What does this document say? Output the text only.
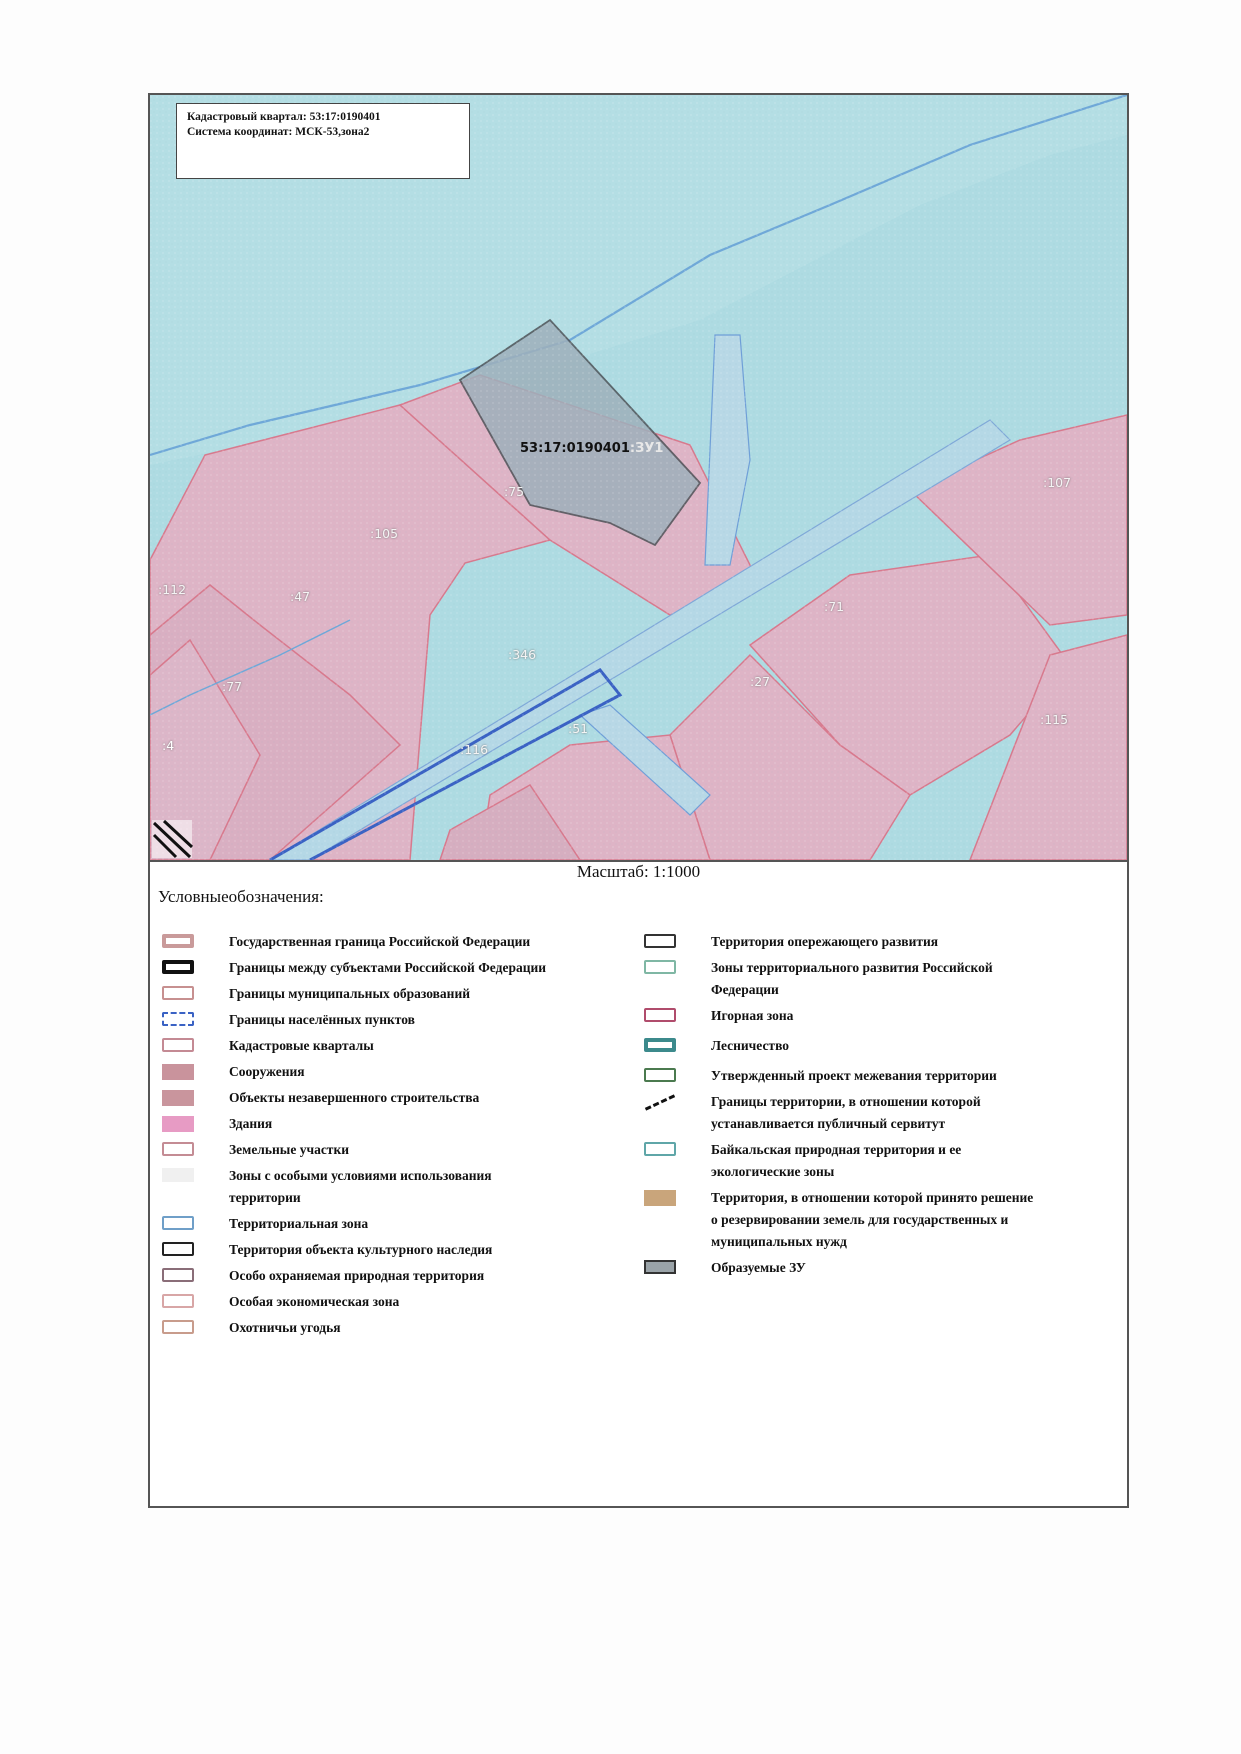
Кадастровый квартал: 53:17:0190401
Система координат: МСК-53,зона2
53:17:0190401:ЗУ1
:75
:105
:107
:112	:47
:71
:346
:77	:27
:51
:115
:116
:4
Масштаб: 1:1000
Условныеобозначения:
Государственная граница Российской Федерации
Границы между субъектами Российской Федерации
Границы муниципальных образований
Границы населённых пунктов
Кадастровые кварталы
Сооружения
Объекты незавершенного строительства
Здания
Земельные участки
Зоны с особыми условиями использования территории
Территориальная зона
Территория объекта культурного наследия
Особо охраняемая природная территория
Особая экономическая зона
Охотничьи угодья
Территория опережающего развития
Зоны территориального развития Российской Федерации
Игорная зона
Лесничество
Утвержденный проект межевания территории
Границы территории, в отношении которой устанавливается публичный сервитут
Байкальская природная территория и ее экологические зоны
Территория, в отношении которой принято решение о резервировании земель для государственных и муниципальных нужд
Образуемые ЗУ
